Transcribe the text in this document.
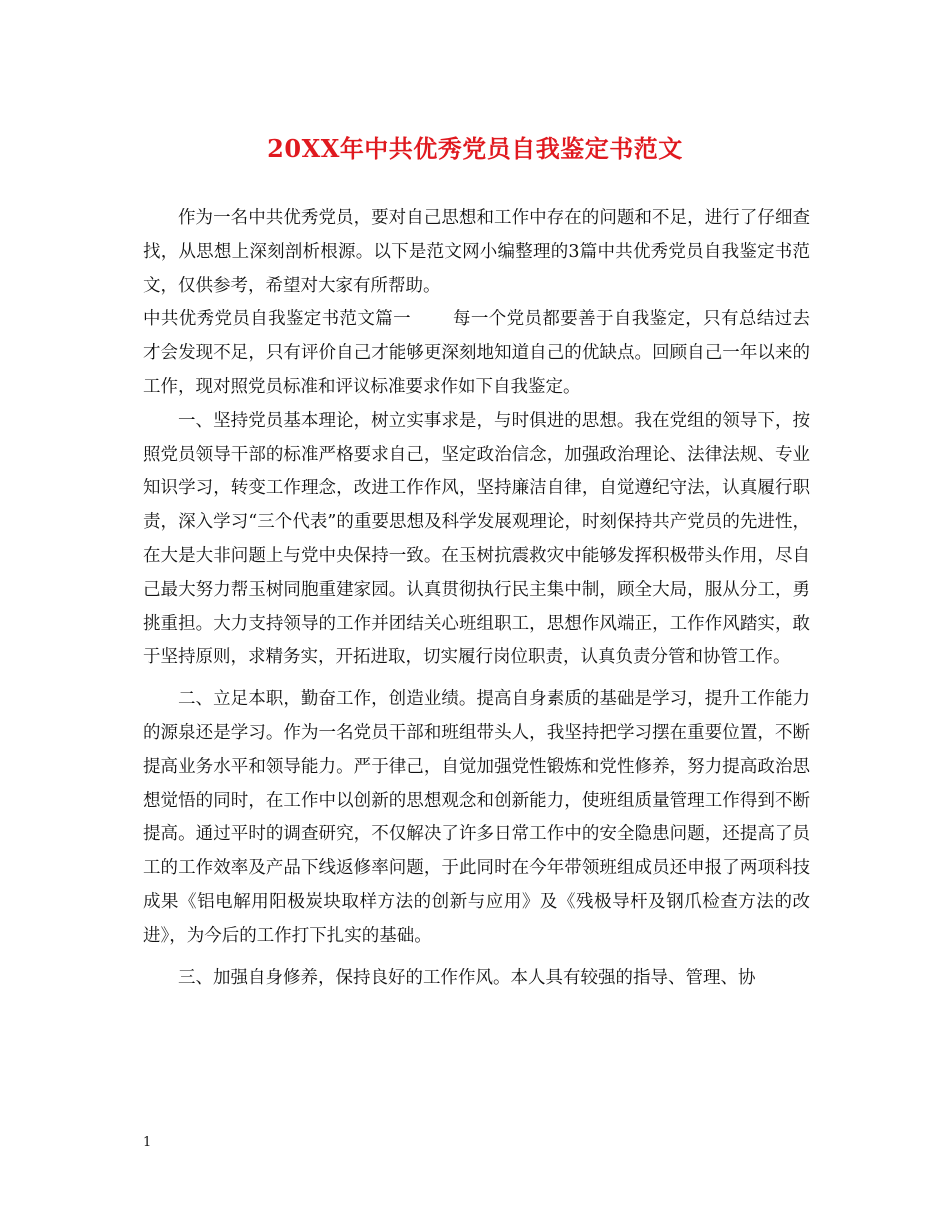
20XX年中共优秀党员自我鉴定书范文

作为一名中共优秀党员，要对自己思想和工作中存在的问题和不足，进行了仔细查找，从思想上深刻剖析根源。以下是范文网小编整理的3篇中共优秀党员自我鉴定书范文，仅供参考，希望对大家有所帮助。

中共优秀党员自我鉴定书范文篇一 每一个党员都要善于自我鉴定，只有总结过去才会发现不足，只有评价自己才能够更深刻地知道自己的优缺点。回顾自己一年以来的工作，现对照党员标准和评议标准要求作如下自我鉴定。

一、坚持党员基本理论，树立实事求是，与时俱进的思想。我在党组的领导下，按照党员领导干部的标准严格要求自己，坚定政治信念，加强政治理论、法律法规、专业知识学习，转变工作理念，改进工作作风，坚持廉洁自律，自觉遵纪守法，认真履行职责，深入学习“三个代表”的重要思想及科学发展观理论，时刻保持共产党员的先进性，在大是大非问题上与党中央保持一致。在玉树抗震救灾中能够发挥积极带头作用，尽自己最大努力帮玉树同胞重建家园。认真贯彻执行民主集中制，顾全大局，服从分工，勇挑重担。大力支持领导的工作并团结关心班组职工，思想作风端正，工作作风踏实，敢于坚持原则，求精务实，开拓进取，切实履行岗位职责，认真负责分管和协管工作。

二、立足本职，勤奋工作，创造业绩。提高自身素质的基础是学习，提升工作能力的源泉还是学习。作为一名党员干部和班组带头人，我坚持把学习摆在重要位置，不断提高业务水平和领导能力。严于律己，自觉加强党性锻炼和党性修养，努力提高政治思想觉悟的同时，在工作中以创新的思想观念和创新能力，使班组质量管理工作得到不断提高。通过平时的调查研究，不仅解决了许多日常工作中的安全隐患问题，还提高了员工的工作效率及产品下线返修率问题，于此同时在今年带领班组成员还申报了两项科技成果《铝电解用阳极炭块取样方法的创新与应用》及《残极导杆及钢爪检查方法的改进》，为今后的工作打下扎实的基础。

三、加强自身修养，保持良好的工作作风。本人具有较强的指导、管理、协

1
